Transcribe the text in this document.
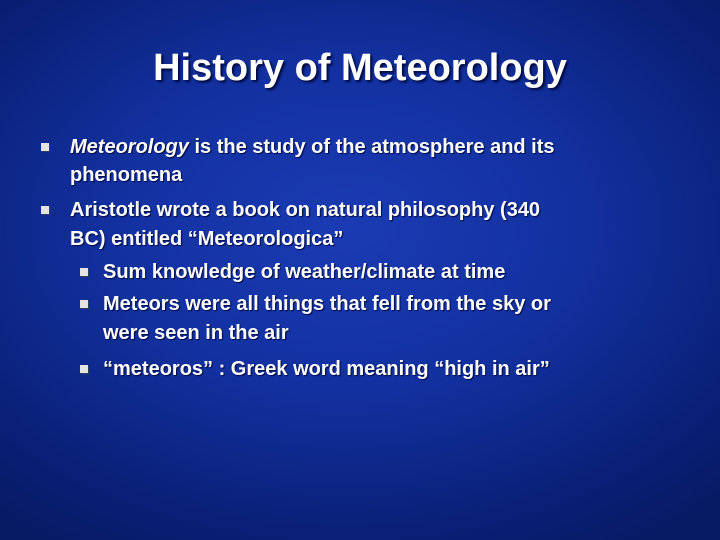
History of Meteorology
Meteorology is the study of the atmosphere and its
phenomena
Aristotle wrote a book on natural philosophy (340
BC) entitled “Meteorologica”
Sum knowledge of weather/climate at time
Meteors were all things that fell from the sky or
were seen in the air
“meteoros” : Greek word meaning “high in air”
